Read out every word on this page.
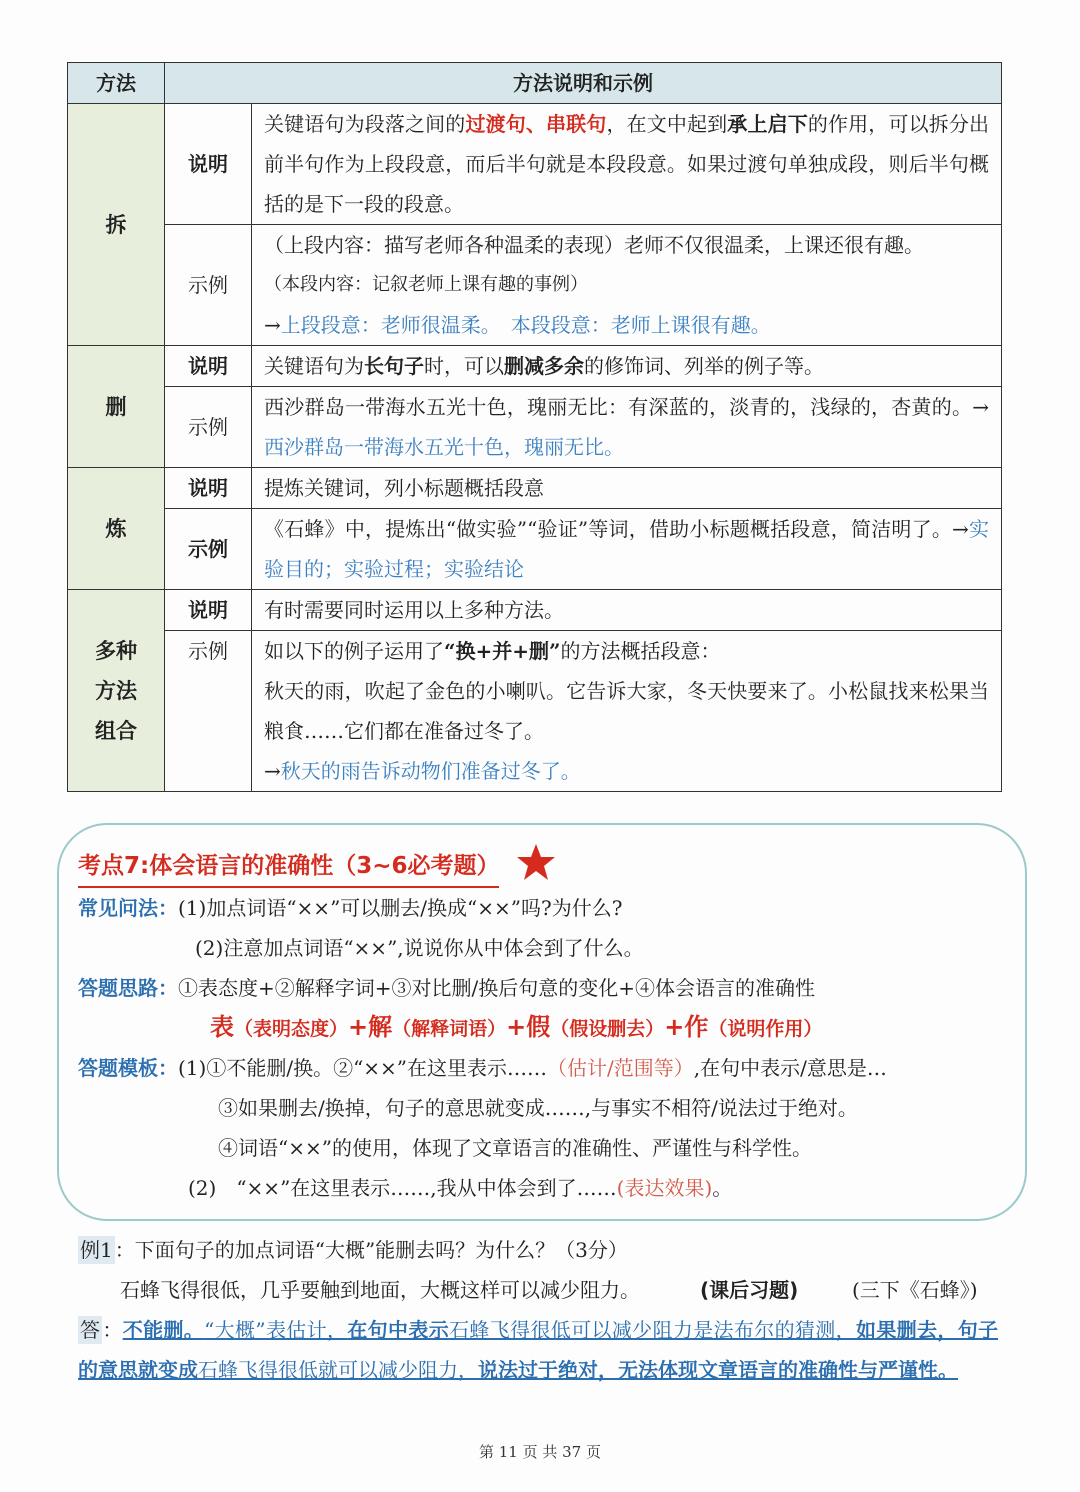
方法	方法说明和示例	
拆	说明	关键语句为段落之间的过渡句、串联句，在文中起到承上启下的作用，可以拆分出前半句作为上段段意，而后半句就是本段段意。如果过渡句单独成段，则后半句概括的是下一段的段意。
	示例	（上段内容：描写老师各种温柔的表现）老师不仅很温柔，上课还很有趣。
（本段内容：记叙老师上课有趣的事例）
→上段段意：老师很温柔。　本段段意：老师上课很有趣。

删	说明	关键语句为长句子时，可以删减多余的修饰词、列举的例子等。
	示例	西沙群岛一带海水五光十色，瑰丽无比：有深蓝的，淡青的，浅绿的，杏黄的。→西沙群岛一带海水五光十色，瑰丽无比。
炼	说明	提炼关键词，列小标题概括段意
	示例	《石蜂》中，提炼出“做实验”“验证”等词，借助小标题概括段意，简洁明了。→实验目的；实验过程；实验结论

多种
方法
组合	说明	有时需要同时运用以上多种方法。
	示例	如以下的例子运用了“换+并+删”的方法概括段意：
秋天的雨，吹起了金色的小喇叭。它告诉大家，冬天快要来了。小松鼠找来松果当粮食……它们都在准备过冬了。
→秋天的雨告诉动物们准备过冬了。
考点7:体会语言的准确性（3~6必考题）
常见问法：(1)加点词语“××”可以删去/换成“××”吗?为什么?
(2)注意加点词语“××”,说说你从中体会到了什么。
答题思路：①表态度+②解释字词+③对比删/换后句意的变化+④体会语言的准确性
表（表明态度）+解（解释词语）+假（假设删去）+作（说明作用）
答题模板：(1)①不能删/换。②“××”在这里表示……（估计/范围等）,在句中表示/意思是…
③如果删去/换掉，句子的意思就变成……,与事实不相符/说法过于绝对。
④词语“××”的使用，体现了文章语言的准确性、严谨性与科学性。
(2)　“××”在这里表示……,我从中体会到了……(表达效果)。
例1 ：下面句子的加点词语“大概”能删去吗？为什么？（3分）
石蜂飞得很低，几乎要触到地面，大概这样可以减少阻力。	(课后习题)	(三下《石蜂》)
答 ：不能删。“大概”表估计，在句中表示石蜂飞得很低可以减少阻力是法布尔的猜测，如果删去，句子的意思就变成石蜂飞得很低就可以减少阻力，说法过于绝对，无法体现文章语言的准确性与严谨性。
第 11 页 共 37 页
